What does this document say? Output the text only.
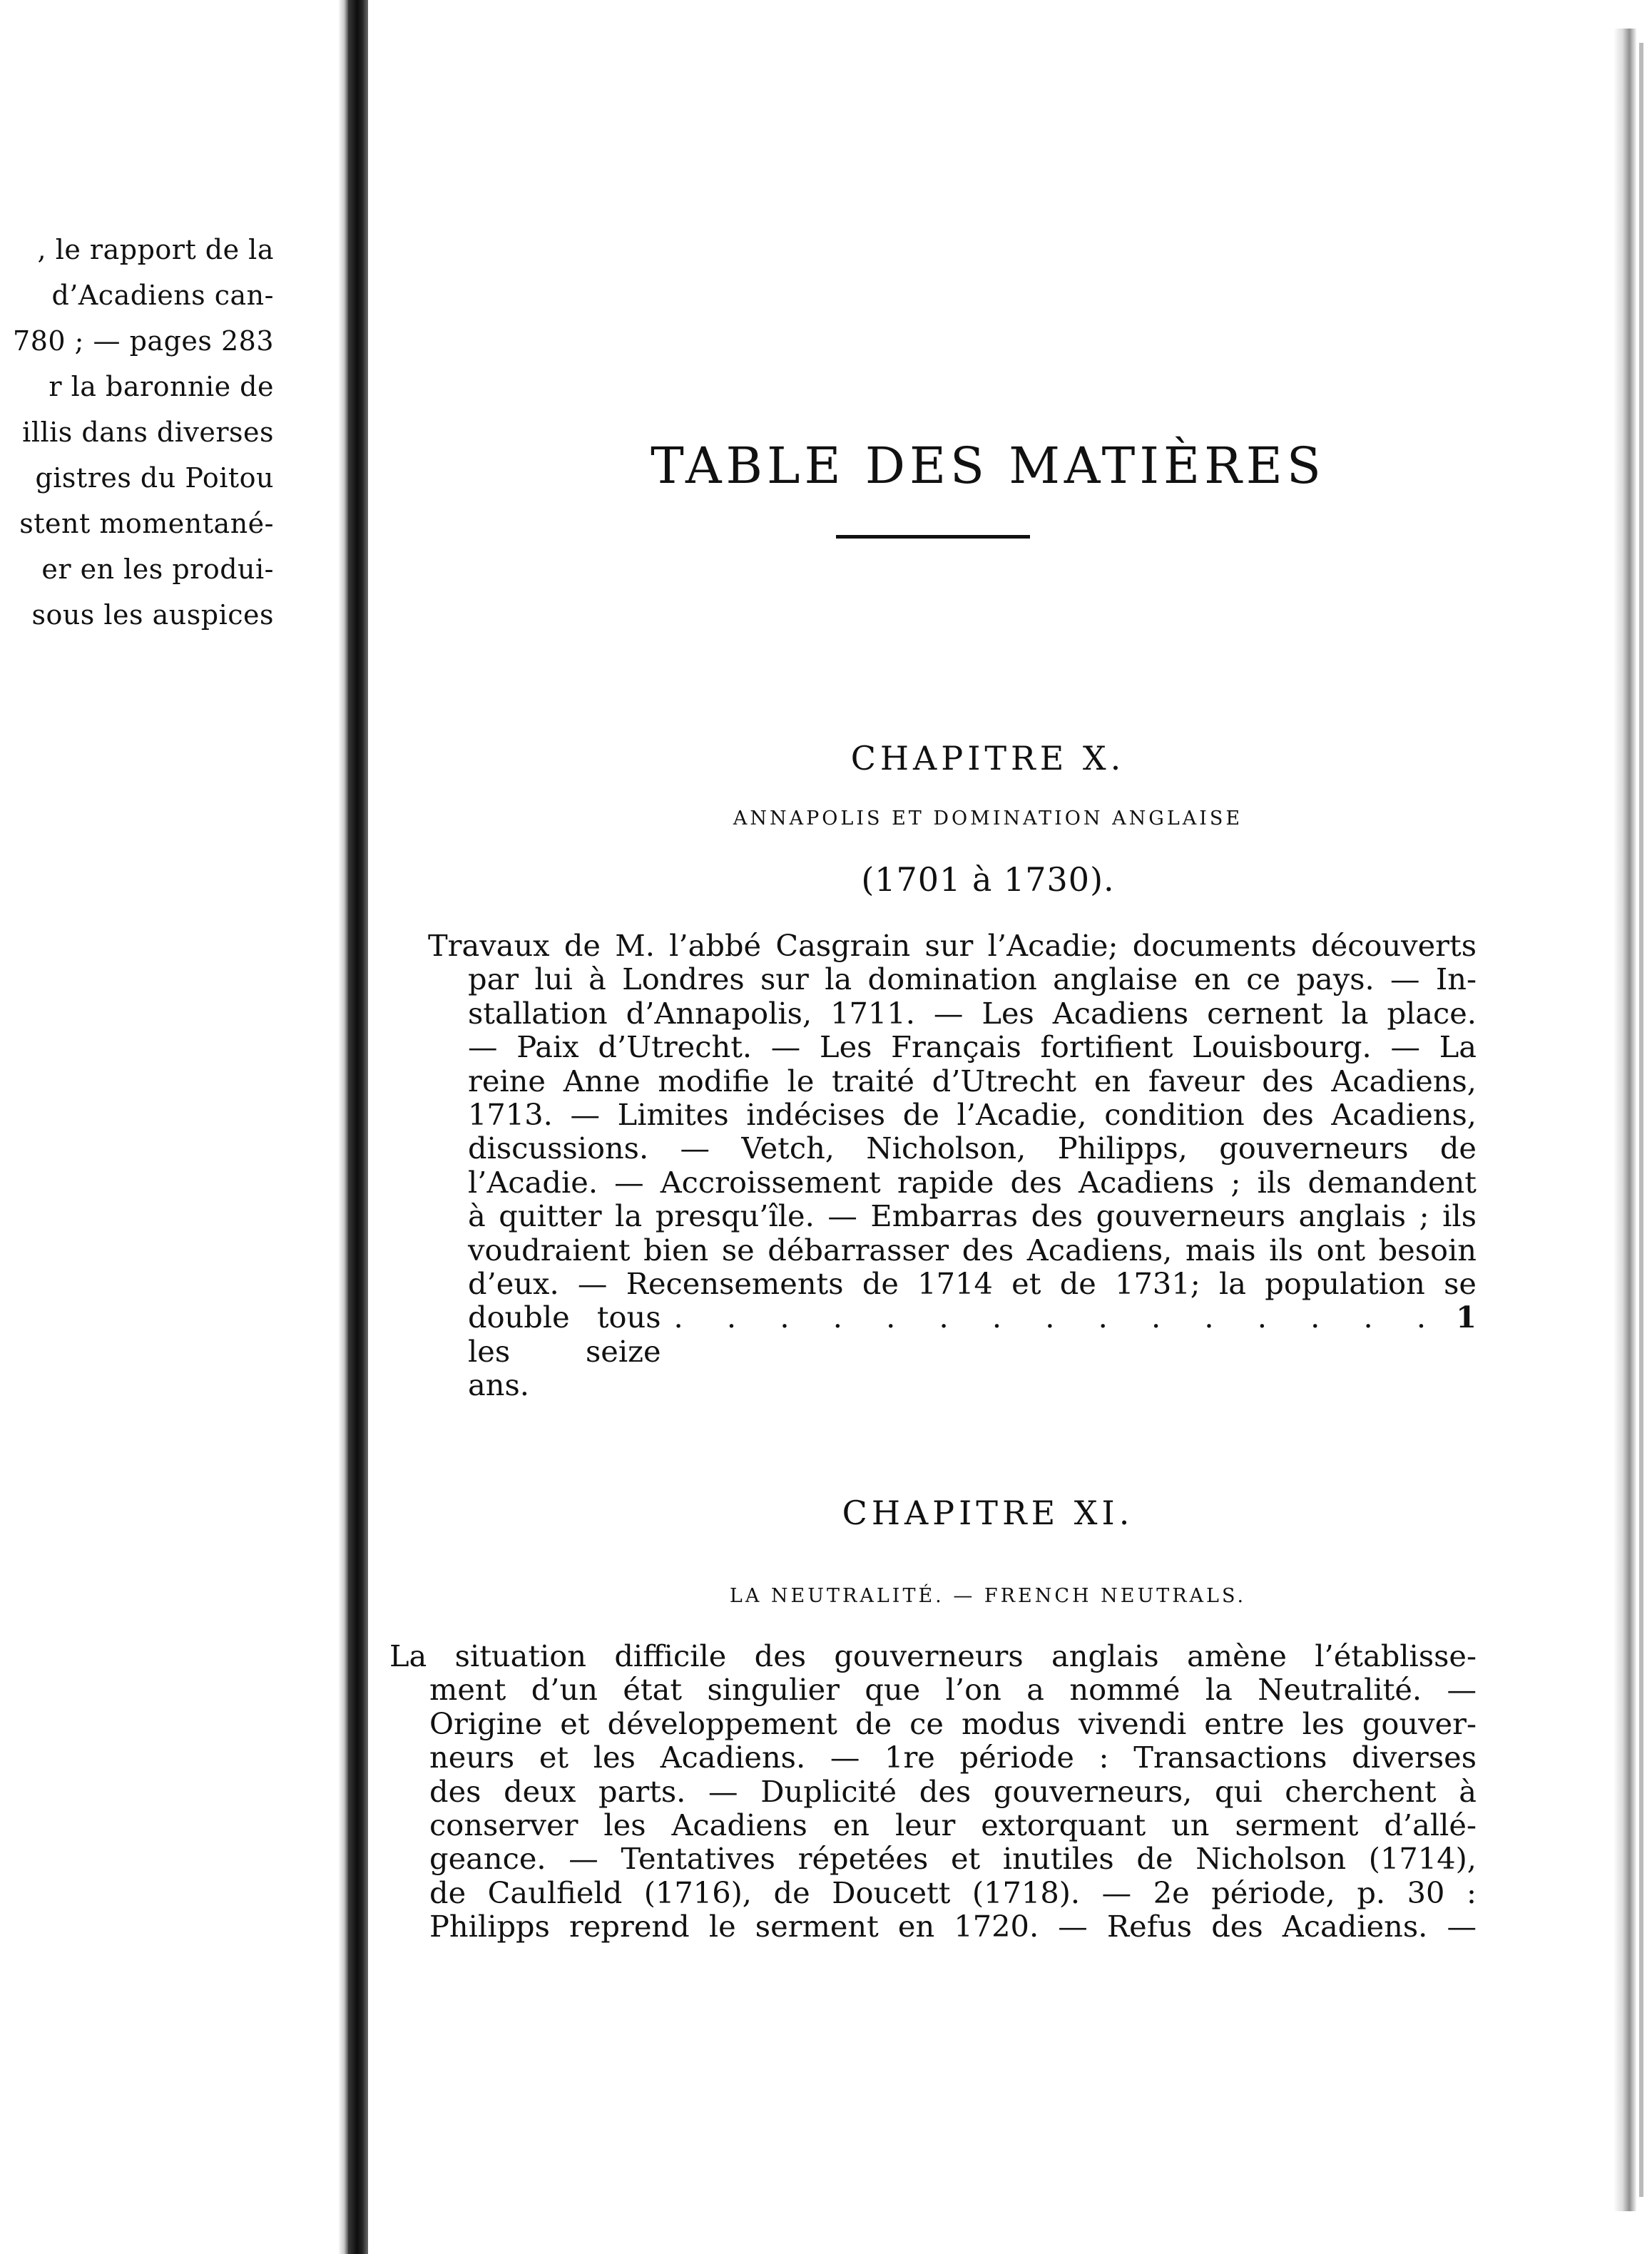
, le rapport de la
d’Acadiens can-
780 ; — pages 283
r la baronnie de
illis dans diverses
gistres du Poitou
stent momentané-
er en les produi-
sous les auspices
TABLE DES MATIÈRES
CHAPITRE X.
ANNAPOLIS ET DOMINATION ANGLAISE
(1701 à 1730).
Travaux de M. l’abbé Casgrain sur l’Acadie; documents découverts
par lui à Londres sur la domination anglaise en ce pays. — In-
stallation d’Annapolis, 1711. — Les Acadiens cernent la place.
— Paix d’Utrecht. — Les Français fortifient Louisbourg. — La
reine Anne modifie le traité d’Utrecht en faveur des Acadiens,
1713. — Limites indécises de l’Acadie, condition des Acadiens,
discussions. — Vetch, Nicholson, Philipps, gouverneurs de
l’Acadie. — Accroissement rapide des Acadiens ; ils demandent
à quitter la presqu’île. — Embarras des gouverneurs anglais ; ils
voudraient bien se débarrasser des Acadiens, mais ils ont besoin
d’eux. — Recensements de 1714 et de 1731; la population se
double tous les seize ans.
. . . . . . . . . . . . . . . 1
CHAPITRE XI.
LA NEUTRALITÉ. — FRENCH NEUTRALS.
La situation difficile des gouverneurs anglais amène l’établisse-
ment d’un état singulier que l’on a nommé la Neutralité. —
Origine et développement de ce modus vivendi entre les gouver-
neurs et les Acadiens. — 1re période : Transactions diverses
des deux parts. — Duplicité des gouverneurs, qui cherchent à
conserver les Acadiens en leur extorquant un serment d’allé-
geance. — Tentatives répetées et inutiles de Nicholson (1714),
de Caulfield (1716), de Doucett (1718). — 2e période, p. 30 :
Philipps reprend le serment en 1720. — Refus des Acadiens. —
